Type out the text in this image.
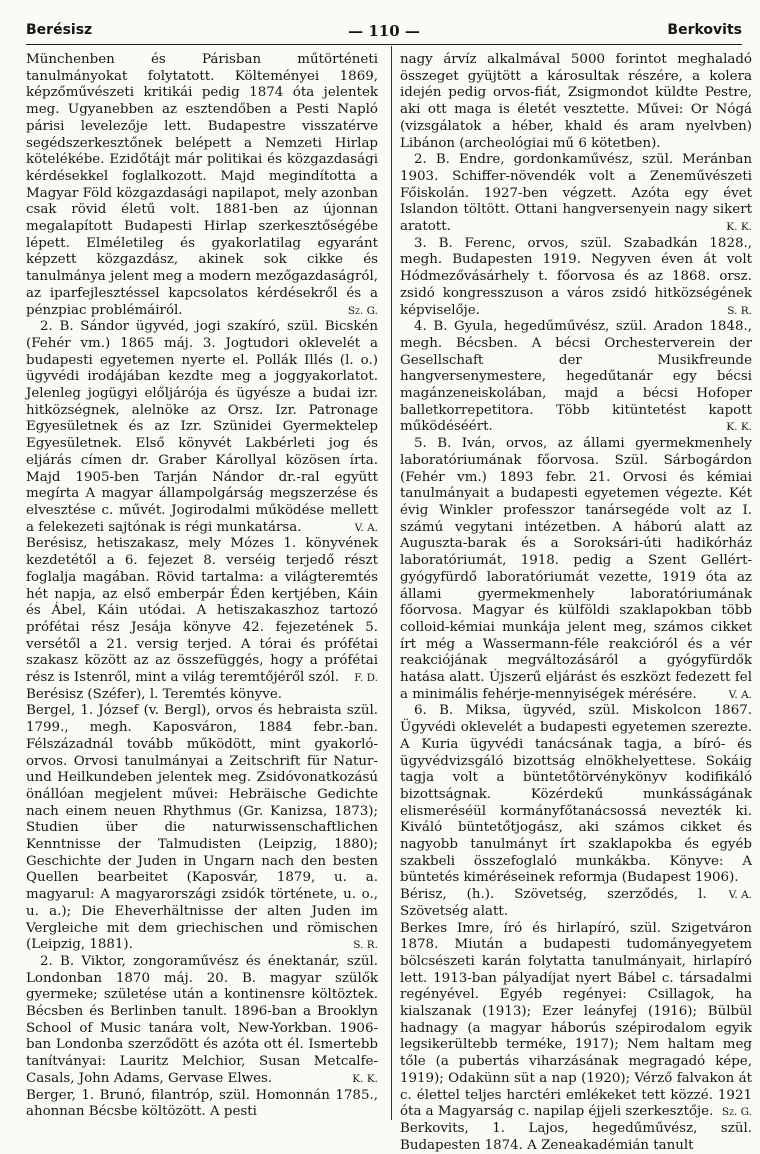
Berésisz	— 110 —	Berkovits

Münchenben és Párisban műtörténeti tanulmányokat folytatott. Költeményei 1869, képzőművészeti kritikái pedig 1874 óta jelentek meg. Ugyanebben az esztendőben a Pesti Napló párisi levelezője lett. Budapestre visszatérve segédszerkesztőnek belépett a Nemzeti Hirlap kötelékébe. Ezidőtájt már politikai és közgazdasági kérdésekkel foglalkozott. Majd megindította a Magyar Föld közgazdasági napilapot, mely azonban csak rövid életű volt. 1881-ben az újonnan megalapított Budapesti Hirlap szerkesztőségébe lépett. Elméletileg és gyakorlatilag egyaránt képzett közgazdász, akinek sok cikke és tanulmánya jelent meg a modern mezőgazdaságról, az iparfejlesztéssel kapcsolatos kérdésekről és a pénzpiac problémáiról.	Sz. G.

2. B. Sándor ügyvéd, jogi szakíró, szül. Bicskén (Fehér vm.) 1865 máj. 3. Jogtudori oklevelét a budapesti egyetemen nyerte el. Pollák Illés (l. o.) ügyvédi irodájában kezdte meg a joggyakorlatot. Jelenleg jogügyi előljárója és ügyésze a budai izr. hitközségnek, alelnöke az Orsz. Izr. Patronage Egyesületnek és az Izr. Szünidei Gyermektelep Egyesületnek. Első könyvét Lakbérleti jog és eljárás címen dr. Graber Károllyal közösen írta. Majd 1905-ben Tarján Nándor dr.-ral együtt megírta A magyar állampolgárság megszerzése és elvesztése c. művét. Jogirodalmi működése mellett a felekezeti sajtónak is régi munkatársa.	V. A.

Berésisz, hetiszakasz, mely Mózes 1. könyvének kezdetétől a 6. fejezet 8. verséig terjedő részt foglalja magában. Rövid tartalma: a világteremtés hét napja, az első emberpár Éden kertjében, Káin és Ábel, Káin utódai. A hetiszakaszhoz tartozó prófétai rész Jesája könyve 42. fejezetének 5. versétől a 21. versig terjed. A tórai és prófétai szakasz között az az összefüggés, hogy a prófétai rész is Istenről, mint a világ teremtőjéről szól. F. D.

Berésisz (Széfer), l. Teremtés könyve.

Bergel, 1. József (v. Bergl), orvos és hebraista szül. 1799., megh. Kaposváron, 1884 febr.-ban. Félszázadnál tovább működött, mint gyakorló-orvos. Orvosi tanulmányai a Zeitschrift für Natur- und Heilkundeben jelentek meg. Zsidóvonatkozású önállóan megjelent művei: Hebräische Gedichte nach einem neuen Rhythmus (Gr. Kanizsa, 1873); Studien über die naturwissenschaftlichen Kenntnisse der Talmudisten (Leipzig, 1880); Geschichte der Juden in Ungarn nach den besten Quellen bearbeitet (Kaposvár, 1879, u. a. magyarul: A magyarországi zsidók története, u. o., u. a.); Die Eheverhältnisse der alten Juden im Vergleiche mit dem griechischen und römischen (Leipzig, 1881).	S. R.

2. B. Viktor, zongoraművész és énektanár, szül. Londonban 1870 máj. 20. B. magyar szülők gyermeke; születése után a kontinensre költöztek. Bécsben és Berlinben tanult. 1896-ban a Brooklyn School of Music tanára volt, New-Yorkban. 1906-ban Londonba szerződött és azóta ott él. Ismertebb tanítványai: Lauritz Melchior, Susan Metcalfe-Casals, John Adams, Gervase Elwes.	K. K.

Berger, 1. Brunó, filantróp, szül. Homonnán 1785., ahonnan Bécsbe költözött. A pesti

nagy árvíz alkalmával 5000 forintot meghaladó összeget gyüjtött a károsultak részére, a kolera idején pedig orvos-fiát, Zsigmondot küldte Pestre, aki ott maga is életét vesztette. Művei: Or Nógá (vizsgálatok a héber, khald és aram nyelvben) Libánon (archeológiai mű 6 kötetben).

2. B. Endre, gordonkaművész, szül. Meránban 1903. Schiffer-növendék volt a Zeneművészeti Főiskolán. 1927-ben végzett. Azóta egy évet Islandon töltött. Ottani hangversenyein nagy sikert aratott.	K. K.

3. B. Ferenc, orvos, szül. Szabadkán 1828., megh. Budapesten 1919. Negyven éven át volt Hódmezővásárhely t. főorvosa és az 1868. orsz. zsidó kongresszuson a város zsidó hitközségének képviselője.	S. R.

4. B. Gyula, hegedűművész, szül. Aradon 1848., megh. Bécsben. A bécsi Orchesterverein der Gesellschaft der Musikfreunde hangversenymestere, hegedűtanár egy bécsi magánzeneiskolában, majd a bécsi Hofoper balletkorrepetitora. Több kitüntetést kapott működéséért.	K. K.

5. B. Iván, orvos, az állami gyermekmenhely laboratóriumának főorvosa. Szül. Sárbogárdon (Fehér vm.) 1893 febr. 21. Orvosi és kémiai tanulmányait a budapesti egyetemen végezte. Két évig Winkler professzor tanársegéde volt az I. számú vegytani intézetben. A háború alatt az Auguszta-barak és a Soroksári-úti hadikórház laboratóriumát, 1918. pedig a Szent Gellért-gyógyfürdő laboratóriumát vezette, 1919 óta az állami gyermekmenhely laboratóriumának főorvosa. Magyar és külföldi szaklapokban több colloid-kémiai munkája jelent meg, számos cikket írt még a Wassermann-féle reakcióról és a vér reakciójának megváltozásáról a gyógyfürdők hatása alatt. Újszerű eljárást és eszközt fedezett fel a minimális fehérje-mennyiségek mérésére.	V. A.

6. B. Miksa, ügyvéd, szül. Miskolcon 1867. Ügyvédi oklevelét a budapesti egyetemen szerezte. A Kuria ügyvédi tanácsának tagja, a bíró- és ügyvédvizsgáló bizottság elnökhelyettese. Sokáig tagja volt a büntetőtörvénykönyv kodifikáló bizottságnak. Közérdekű munkásságának elismeréséül kormányfőtanácsossá nevezték ki. Kiváló büntetőtjogász, aki számos cikket és nagyobb tanulmányt írt szaklapokba és egyéb szakbeli összefoglaló munkákba. Könyve: A büntetés kiméréseinek reformja (Budapest 1906).
V. A.

Bérisz, (h.). Szövetség, szerződés, l. Szövetség alatt.

Berkes Imre, író és hirlapíró, szül. Szigetváron 1878. Miután a budapesti tudományegyetem bölcsészeti karán folytatta tanulmányait, hirlapíró lett. 1913-ban pályadíjat nyert Bábel c. társadalmi regényével. Egyéb regényei: Csillagok, ha kialszanak (1913); Ezer leányfej (1916); Bülbül hadnagy (a magyar háborús szépirodalom egyik legsikerültebb terméke, 1917); Nem haltam meg tőle (a pubertás viharzásának megragadó képe, 1919); Odakünn süt a nap (1920); Vérző falvakon át c. élettel teljes harctéri emlékeket tett közzé. 1921 óta a Magyarság c. napilap éjjeli szerkesztője. Sz. G.

Berkovits, 1. Lajos, hegedűművész, szül. Budapesten 1874. A Zeneakadémián tanult
